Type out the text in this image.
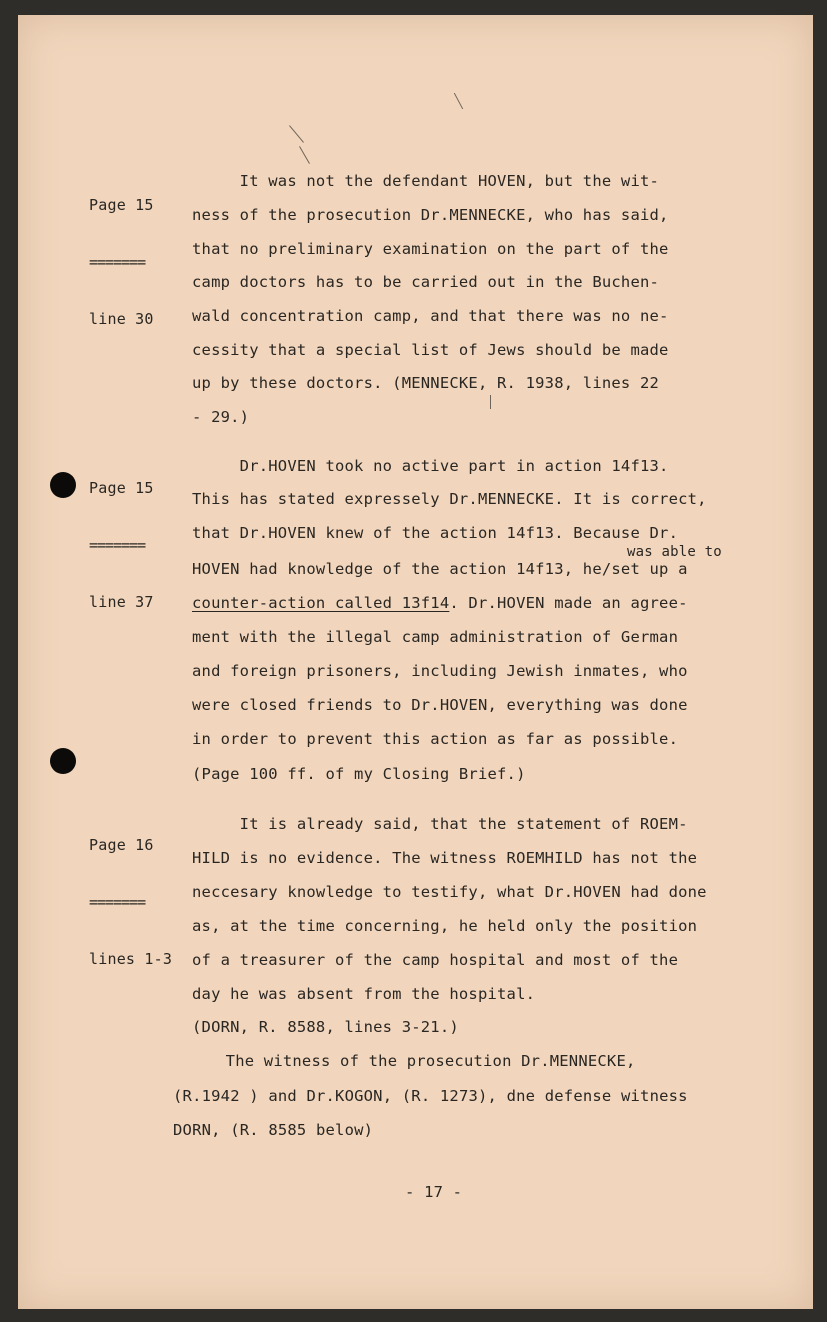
Page 15

=======

line 30

It was not the defendant HOVEN, but the wit-
ness of the prosecution Dr.MENNECKE, who has said,
that no preliminary examination on the part of the
camp doctors has to be carried out in the Buchen-
wald concentration camp, and that there was no ne-
cessity that a special list of Jews should be made
up by these doctors. (MENNECKE, R. 1938, lines 22
- 29.)

Page 15

=======

line 37

Dr.HOVEN took no active part in action 14f13.
This has stated expressely Dr.MENNECKE. It is correct,
that Dr.HOVEN knew of the action 14f13. Because Dr.
was able to
HOVEN had knowledge of the action 14f13, he/set up a
counter-action called 13f14. Dr.HOVEN made an agree-
ment with the illegal camp administration of German
and foreign prisoners, including Jewish inmates, who
were closed friends to Dr.HOVEN, everything was done
in order to prevent this action as far as possible.
(Page 100 ff. of my Closing Brief.)

Page 16

=======

lines 1-3

It is already said, that the statement of ROEM-
HILD is no evidence. The witness ROEMHILD has not the
neccesary knowledge to testify, what Dr.HOVEN had done
as, at the time concerning, he held only the position
of a treasurer of the camp hospital and most of the
day he was absent from the hospital.
(DORN, R. 8588, lines 3-21.)
The witness of the prosecution Dr.MENNECKE,
(R.1942 ) and Dr.KOGON, (R. 1273), dne defense witness
DORN, (R. 8585 below)
- 17 -
